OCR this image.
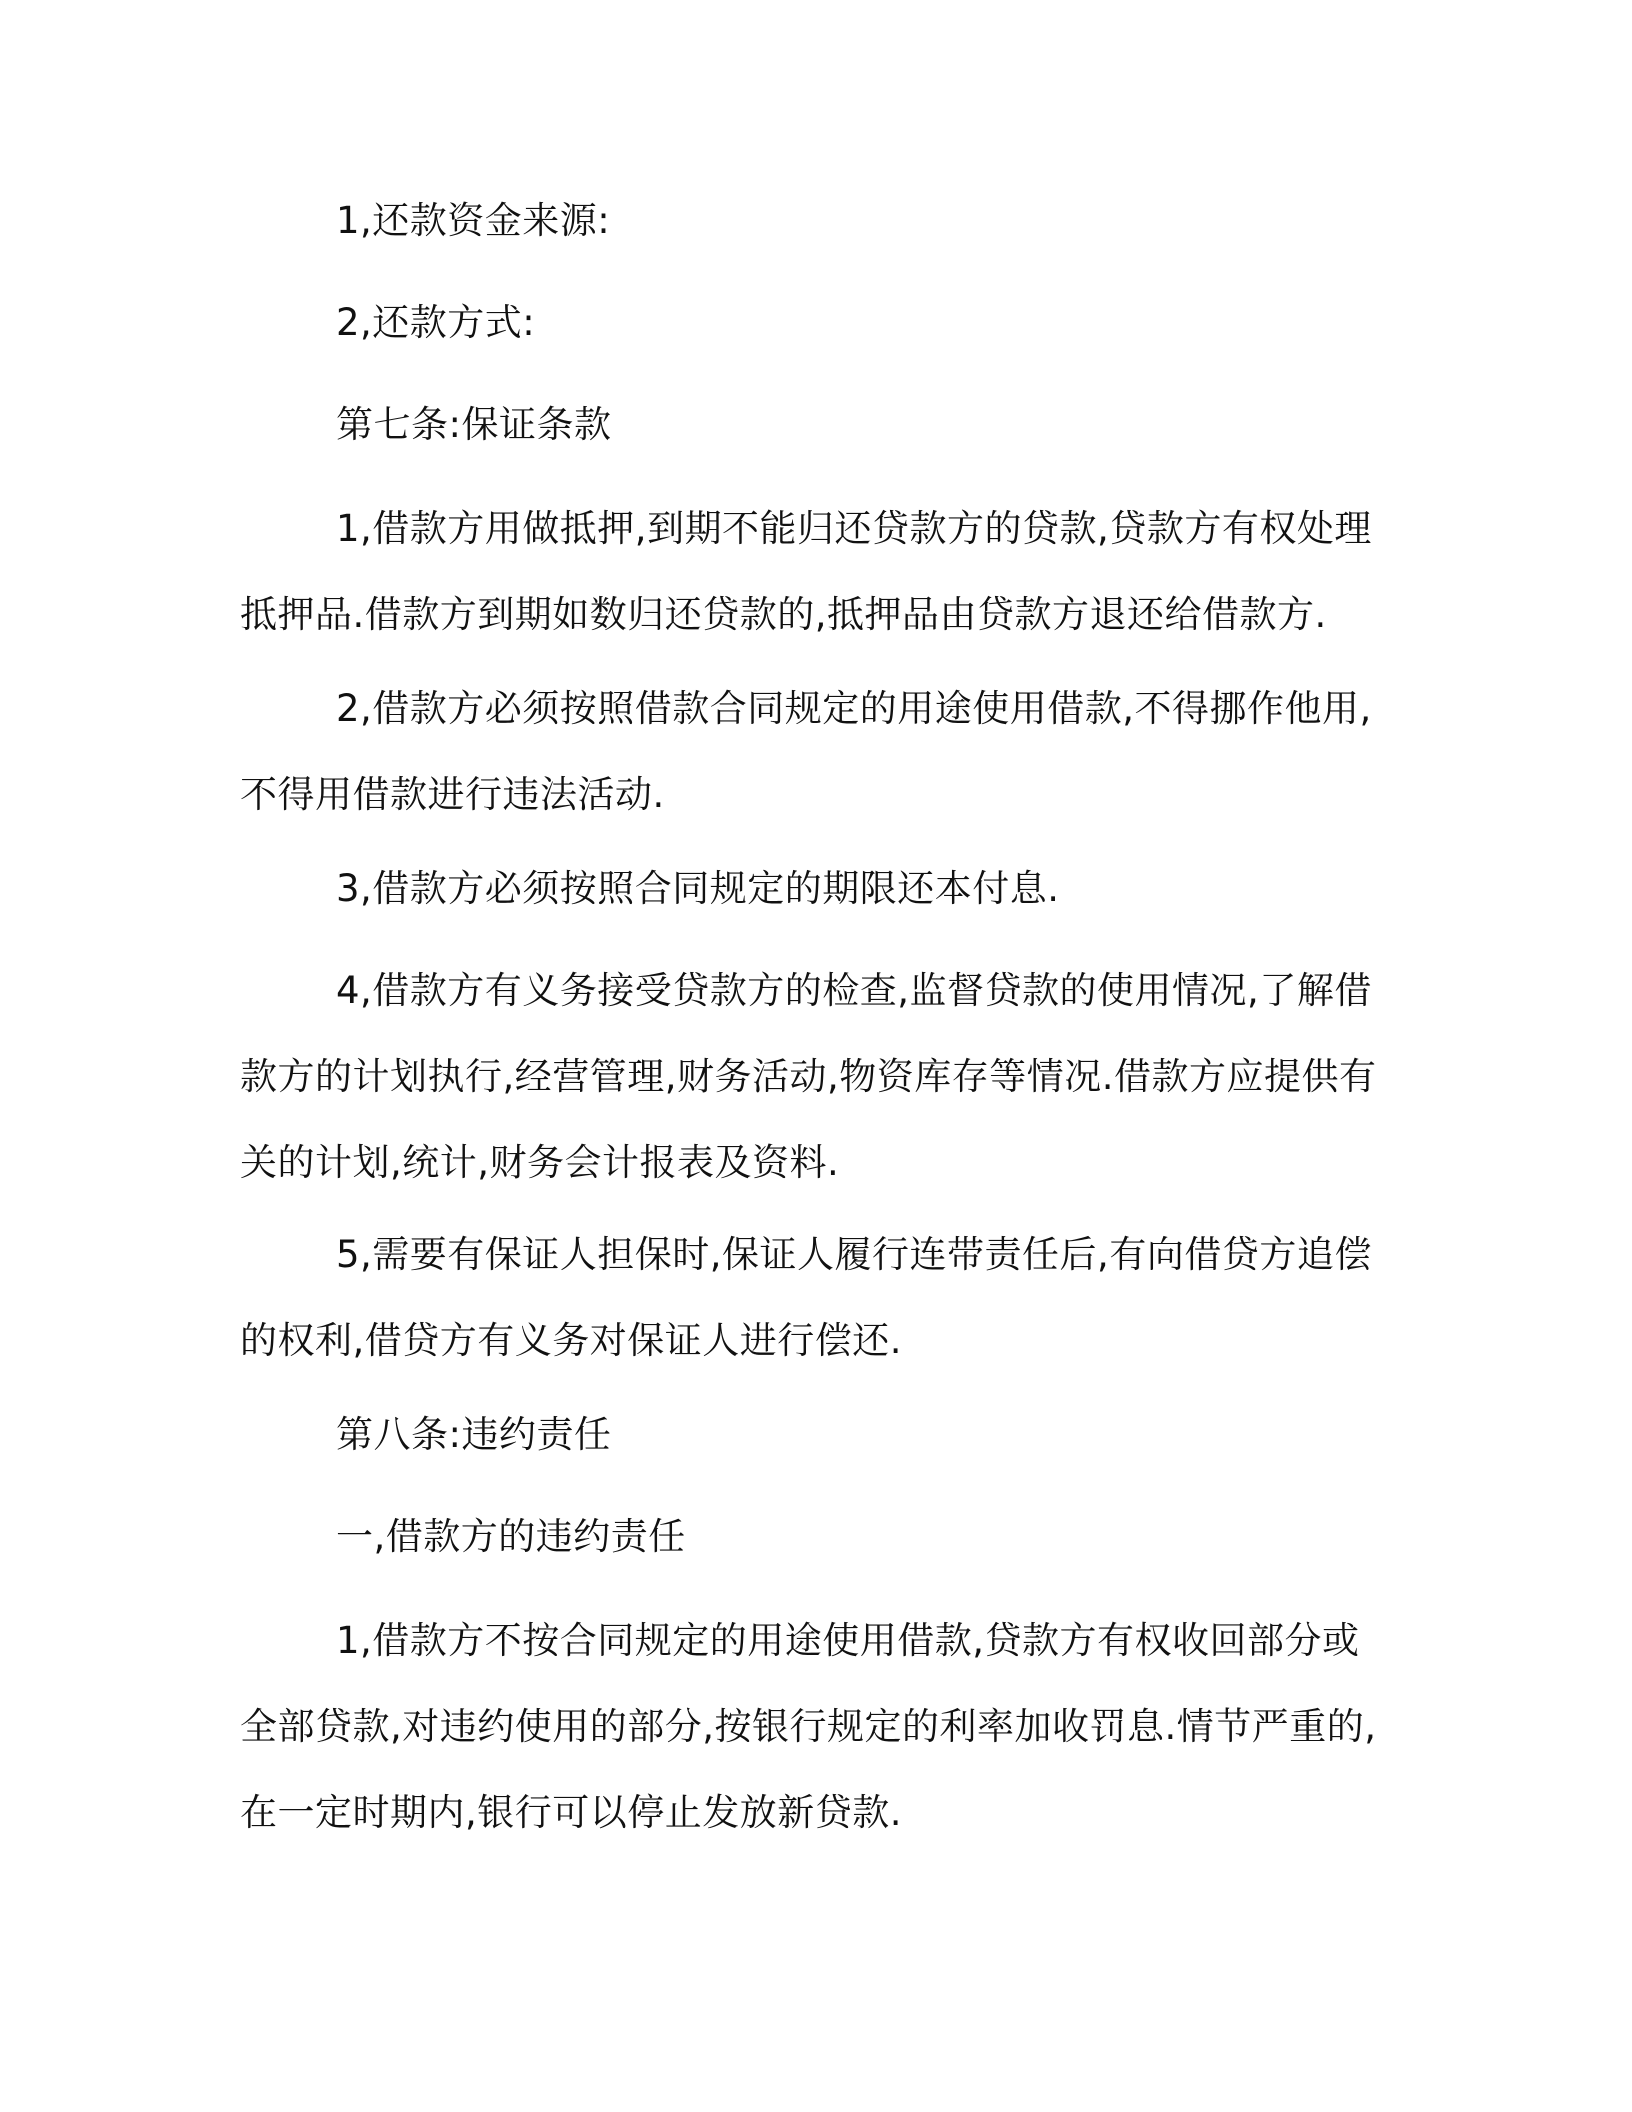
1,还款资金来源:

2,还款方式:

第七条:保证条款

1,借款方用做抵押,到期不能归还贷款方的贷款,贷款方有权处理抵押品.借款方到期如数归还贷款的,抵押品由贷款方退还给借款方.

2,借款方必须按照借款合同规定的用途使用借款,不得挪作他用,不得用借款进行违法活动.

3,借款方必须按照合同规定的期限还本付息.

4,借款方有义务接受贷款方的检查,监督贷款的使用情况,了解借款方的计划执行,经营管理,财务活动,物资库存等情况.借款方应提供有关的计划,统计,财务会计报表及资料.

5,需要有保证人担保时,保证人履行连带责任后,有向借贷方追偿的权利,借贷方有义务对保证人进行偿还.

第八条:违约责任

一,借款方的违约责任

1,借款方不按合同规定的用途使用借款,贷款方有权收回部分或全部贷款,对违约使用的部分,按银行规定的利率加收罚息.情节严重的,在一定时期内,银行可以停止发放新贷款.
